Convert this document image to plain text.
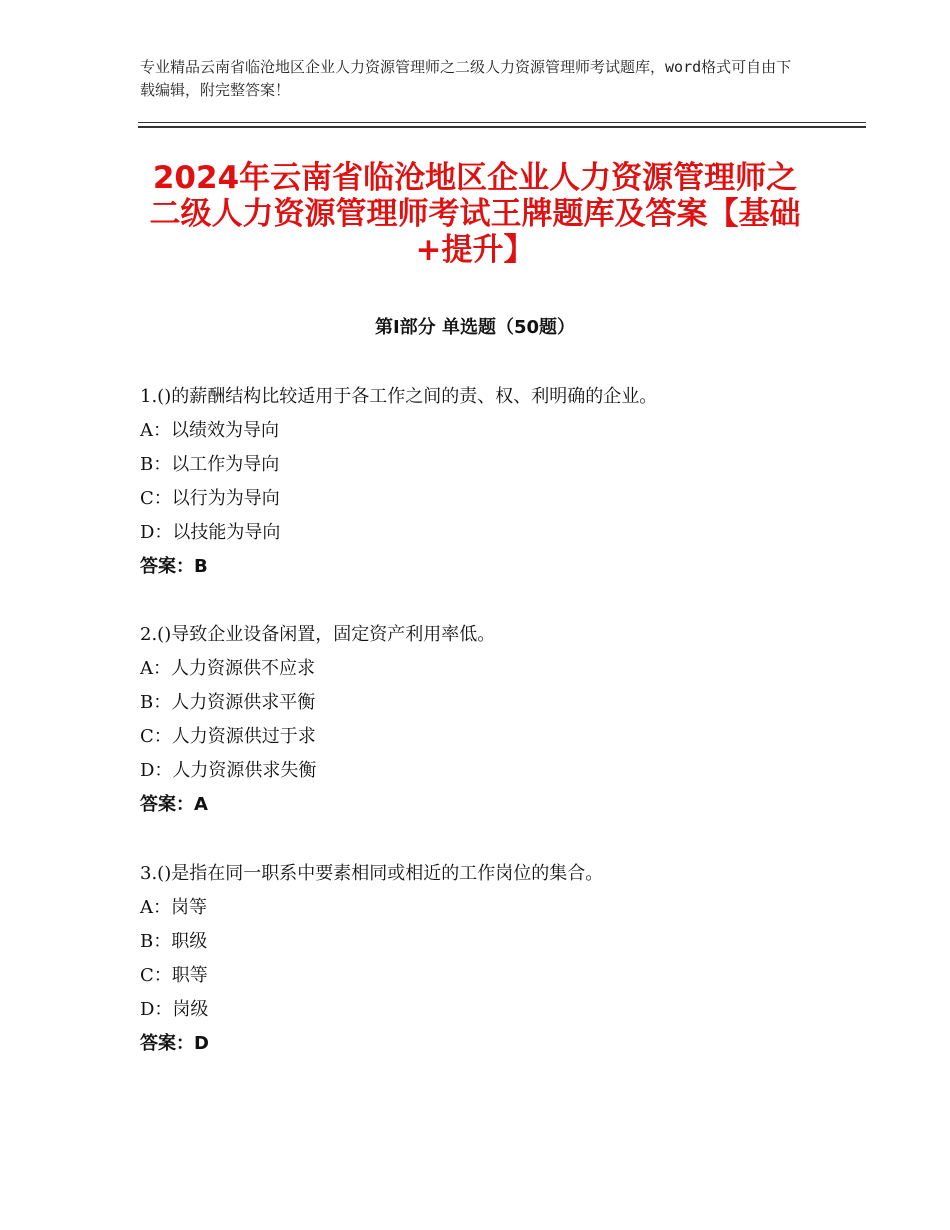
专业精品云南省临沧地区企业人力资源管理师之二级人力资源管理师考试题库，word格式可自由下载编辑，附完整答案！

2024年云南省临沧地区企业人力资源管理师之二级人力资源管理师考试王牌题库及答案【基础+提升】
第Ⅰ部分 单选题（50题）

1.()的薪酬结构比较适用于各工作之间的责、权、利明确的企业。

A：以绩效为导向

B：以工作为导向

C：以行为为导向

D：以技能为导向

答案：B

2.()导致企业设备闲置，固定资产利用率低。

A：人力资源供不应求

B：人力资源供求平衡

C：人力资源供过于求

D：人力资源供求失衡

答案：A

3.()是指在同一职系中要素相同或相近的工作岗位的集合。

A：岗等

B：职级

C：职等

D：岗级

答案：D
